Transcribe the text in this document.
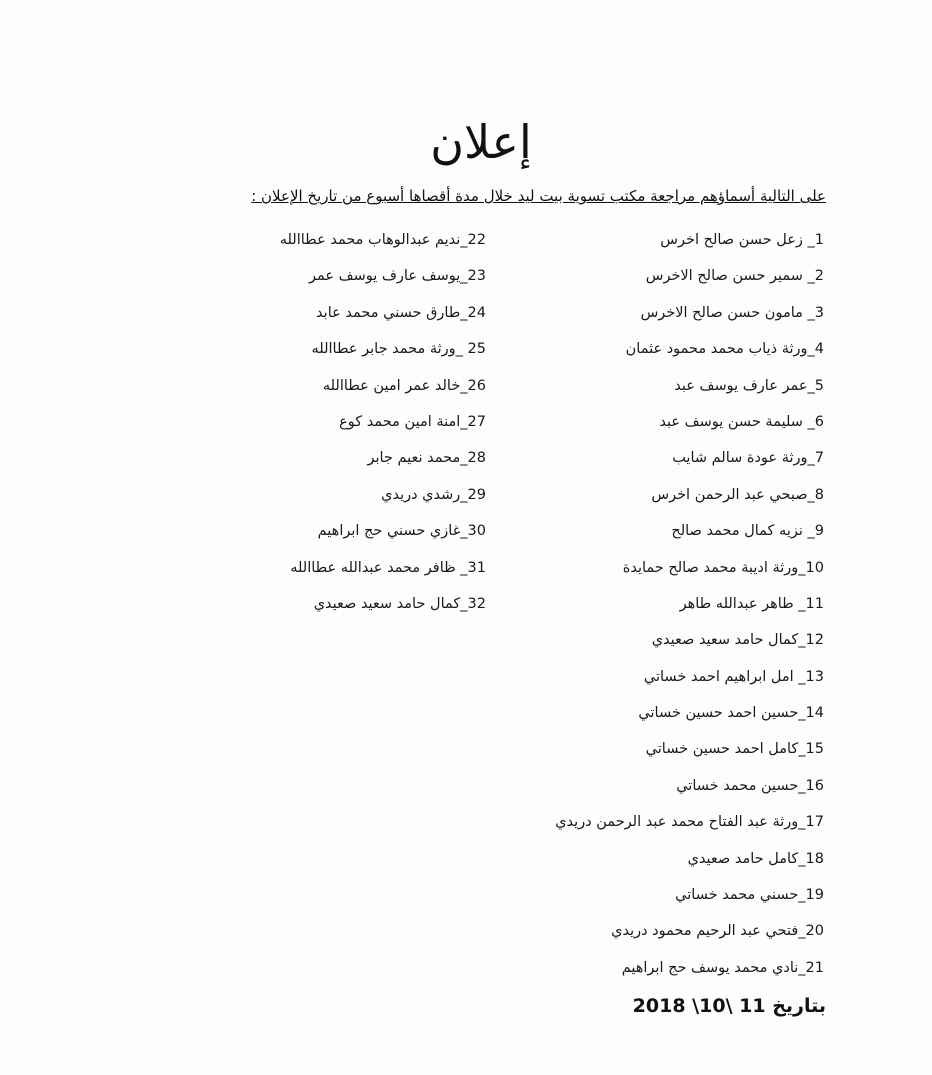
إعلان
على التالية أسماؤهم مراجعة مكتب تسوية بيت ليد خلال مدة أقصاها أسبوع من تاريخ الإعلان :
1_ زعل حسن صالح اخرس
2_ سمير حسن صالح الاخرس
3_ مامون حسن صالح الاخرس
4_ورثة ذياب محمد محمود عثمان
5_عمر عارف يوسف عبد
6_ سليمة حسن يوسف عبد
7_ورثة عودة سالم شايب
8_صبحي عبد الرحمن اخرس
9_ نزيه كمال محمد صالح
10_ورثة اديبة محمد صالح حمايدة
11_ طاهر عبدالله طاهر
12_كمال حامد سعيد صعيدي
13_ امل ابراهيم احمد خساتي
14_حسين احمد حسين خساتي
15_كامل احمد حسين خساتي
16_حسين محمد خساتي
17_ورثة عبد الفتاح محمد عبد الرحمن دريدي
18_كامل حامد صعيدي
19_حسني محمد خساتي
20_فتحي عبد الرحيم محمود دريدي
21_نادي محمد يوسف حج ابراهيم
22_نديم عبدالوهاب محمد عطاالله
23_يوسف عارف يوسف عمر
24_طارق حسني محمد عابد
25 _ورثة محمد جابر عطاالله
26_خالد عمر امين عطاالله
27_امنة امين محمد كوع
28_محمد نعيم جابر
29_رشدي دريدي
30_غازي حسني حج ابراهيم
31_ ظافر محمد عبدالله عطاالله
32_كمال حامد سعيد صعيدي
بتاريخ 11 \10\ 2018
